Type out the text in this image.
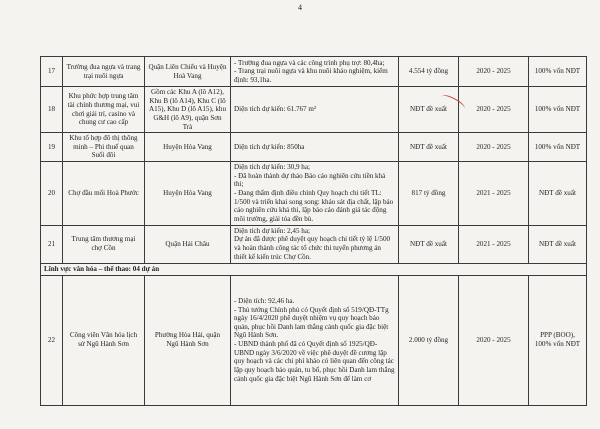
4
17	Trường đua ngựa và trang trại nuôi ngựa	Quận Liên Chiểu và Huyện Hoà Vang	- Trường đua ngựa và các công trình phụ trợ: 80,4ha;
- Trang trại nuôi ngựa và khu nuôi khảo nghiệm, kiểm định: 93,1ha.	4.554 tỷ đồng	2020 - 2025	100% vốn NĐT
18	Khu phức hợp trung tâm tài chính thương mại, vui chơi giải trí, casino và chung cư cao cấp	Gồm các Khu A (lô A12), Khu B (lô A14), Khu C (lô A15), Khu D (lô A15), khu G&H (lô A9), quận Sơn Trà	Diện tích dự kiến: 61.767 m²	NĐT đề xuất	2020 - 2025	100% vốn NĐT
19	Khu tổ hợp đô thị thông minh – Phi thuế quan Suối đôi	Huyện Hòa Vang	Diện tích dự kiến: 850ha	NĐT đề xuất	2020 - 2025	100% vốn NĐT
20	Chợ đầu mối Hoà Phước	Huyện Hòa Vang	Diện tích dự kiến: 30,9 ha;
- Đã hoàn thành dự thảo Báo cáo nghiên cứu tiền khả thi;
- Đang thẩm định điều chỉnh Quy hoạch chi tiết TL: 1/500 và triển khai song song: khảo sát địa chất, lập báo cáo nghiên cứu khả thi, lập báo cáo đánh giá tác động môi trường, giải tỏa đền bù.	817 tỷ đồng	2021 - 2025	NĐT đề xuất
21	Trung tâm thương mại chợ Cồn	Quận Hải Châu	Diện tích dự kiến: 2,45 ha;
Dự án đã được phê duyệt quy hoạch chi tiết tỷ lệ 1/500 và hoàn thành công tác tổ chức thi tuyển phương án thiết kế kiến trúc Chợ Cồn.	NĐT đề xuất	2021 - 2025	NĐT đề xuất
Lĩnh vực văn hóa – thể thao: 04 dự án						
22	Công viên Văn hóa lịch sử Ngũ Hành Sơn	Phường Hòa Hải, quận Ngũ Hành Sơn	- Diện tích: 92,46 ha.
- Thủ tướng Chính phủ có Quyết định số 519/QĐ-TTg ngày 16/4/2020 phê duyệt nhiệm vụ quy hoạch bảo quản, phục hồi Danh lam thắng cảnh quốc gia đặc biệt Ngũ Hành Sơn.
- UBND thành phố đã có Quyết định số 1925/QĐ-UBND ngày 3/6/2020 về việc phê duyệt đề cương lập quy hoạch và các chi phí khảo có liên quan đến công tác lập quy hoạch bảo quản, tu bổ, phục hồi Danh lam thắng cảnh quốc gia đặc biệt Ngũ Hành Sơn để làm cơ	2.000 tỷ đồng	2020 - 2025	PPP (BOO), 100% vốn NĐT
